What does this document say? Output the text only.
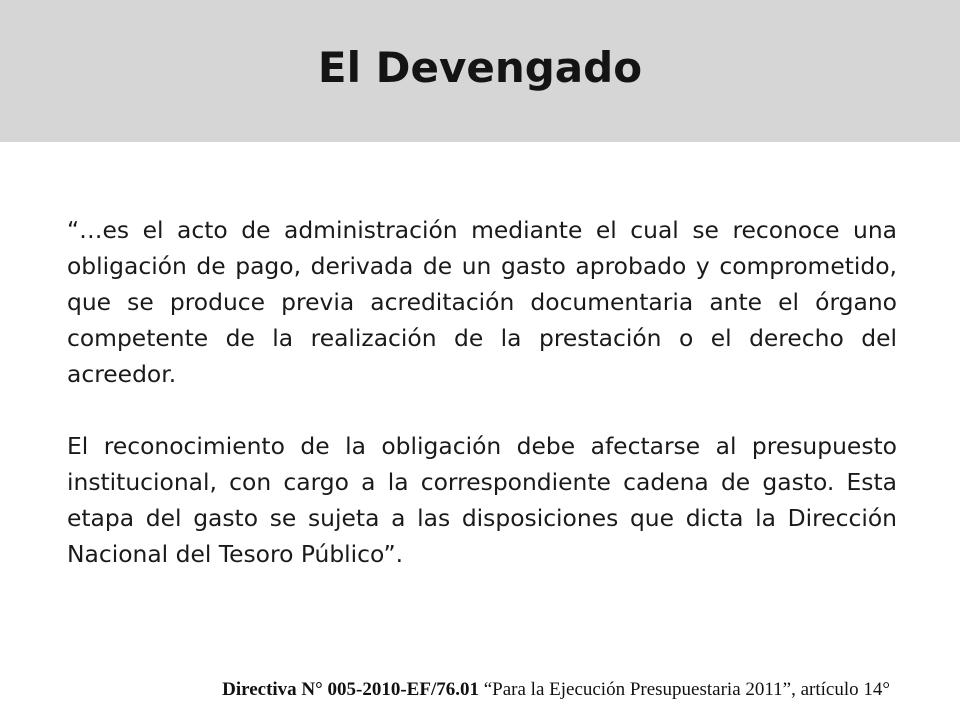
El Devengado

“…es el acto de administración mediante el cual se reconoce una obligación de pago, derivada de un gasto aprobado y comprometido, que se produce previa acreditación documentaria ante el órgano competente de la realización de la prestación o el derecho del acreedor.

El reconocimiento de la obligación debe afectarse al presupuesto institucional, con cargo a la correspondiente cadena de gasto. Esta etapa del gasto se sujeta a las disposiciones que dicta la Dirección Nacional del Tesoro Público”.

Directiva N° 005-2010-EF/76.01 “Para la Ejecución Presupuestaria 2011”, artículo 14°
